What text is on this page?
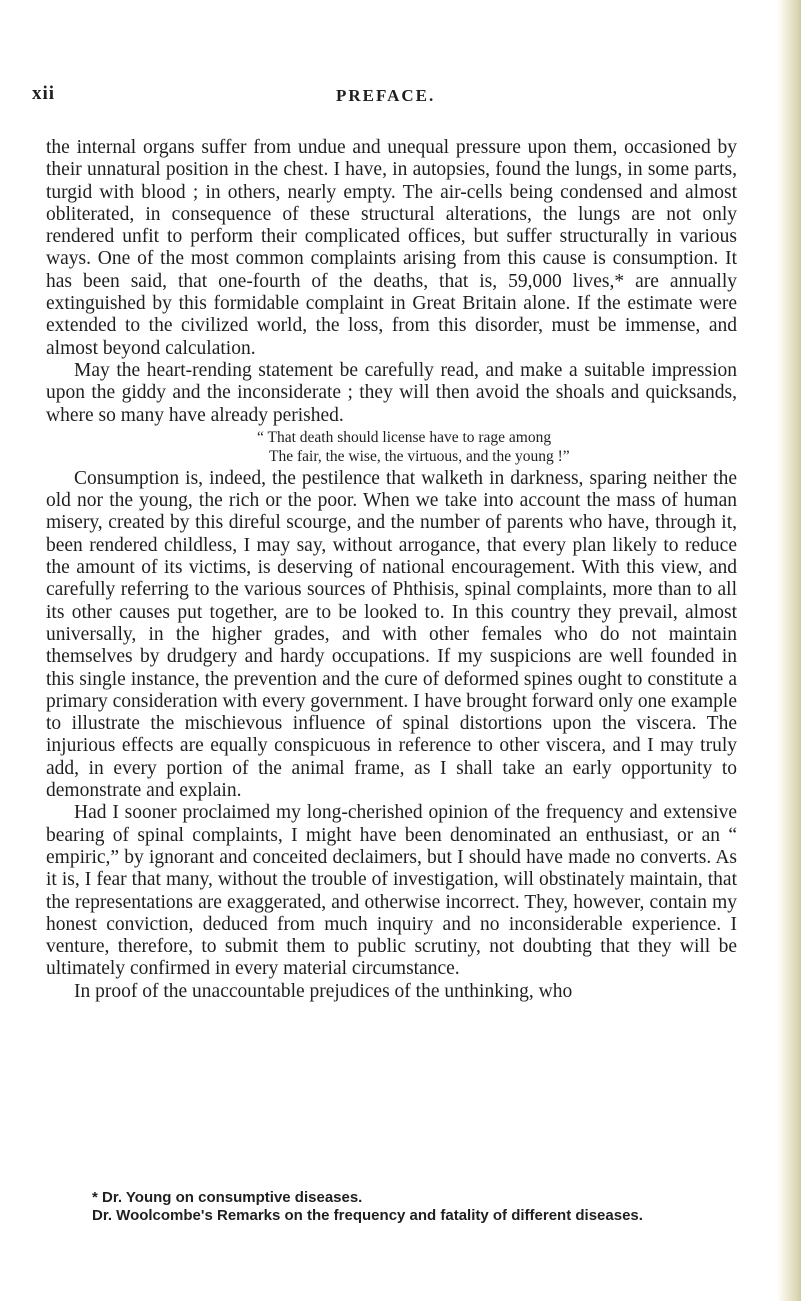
xii	PREFACE.

the internal organs suffer from undue and unequal pressure upon them, occasioned by their unnatural position in the chest. I have, in autopsies, found the lungs, in some parts, turgid with blood ; in others, nearly empty. The air-cells being condensed and almost obliterated, in consequence of these structural alterations, the lungs are not only rendered unfit to perform their complicated offices, but suffer structurally in various ways. One of the most common complaints arising from this cause is consumption. It has been said, that one-fourth of the deaths, that is, 59,000 lives,* are annually extinguished by this formidable complaint in Great Britain alone. If the estimate were extended to the civilized world, the loss, from this disorder, must be immense, and almost beyond calculation.

May the heart-rending statement be carefully read, and make a suitable impression upon the giddy and the inconsiderate ; they will then avoid the shoals and quicksands, where so many have already perished.

“ That death should license have to rage among
The fair, the wise, the virtuous, and the young !”

Consumption is, indeed, the pestilence that walketh in darkness, sparing neither the old nor the young, the rich or the poor. When we take into account the mass of human misery, created by this direful scourge, and the number of parents who have, through it, been rendered childless, I may say, without arrogance, that every plan likely to reduce the amount of its victims, is deserving of national encouragement. With this view, and carefully referring to the various sources of Phthisis, spinal complaints, more than to all its other causes put together, are to be looked to. In this country they prevail, almost universally, in the higher grades, and with other females who do not maintain themselves by drudgery and hardy occupations. If my suspicions are well founded in this single instance, the prevention and the cure of deformed spines ought to constitute a primary consideration with every government. I have brought forward only one example to illustrate the mischievous influence of spinal distortions upon the viscera. The injurious effects are equally conspicuous in reference to other viscera, and I may truly add, in every portion of the animal frame, as I shall take an early opportunity to demonstrate and explain.

Had I sooner proclaimed my long-cherished opinion of the frequency and extensive bearing of spinal complaints, I might have been denominated an enthusiast, or an “ empiric,” by ignorant and conceited declaimers, but I should have made no converts. As it is, I fear that many, without the trouble of investigation, will obstinately maintain, that the representations are exaggerated, and otherwise incorrect. They, however, contain my honest conviction, deduced from much inquiry and no inconsiderable experience. I venture, therefore, to submit them to public scrutiny, not doubting that they will be ultimately confirmed in every material circumstance.

In proof of the unaccountable prejudices of the unthinking, who

* Dr. Young on consumptive diseases.
Dr. Woolcombe's Remarks on the frequency and fatality of different diseases.
